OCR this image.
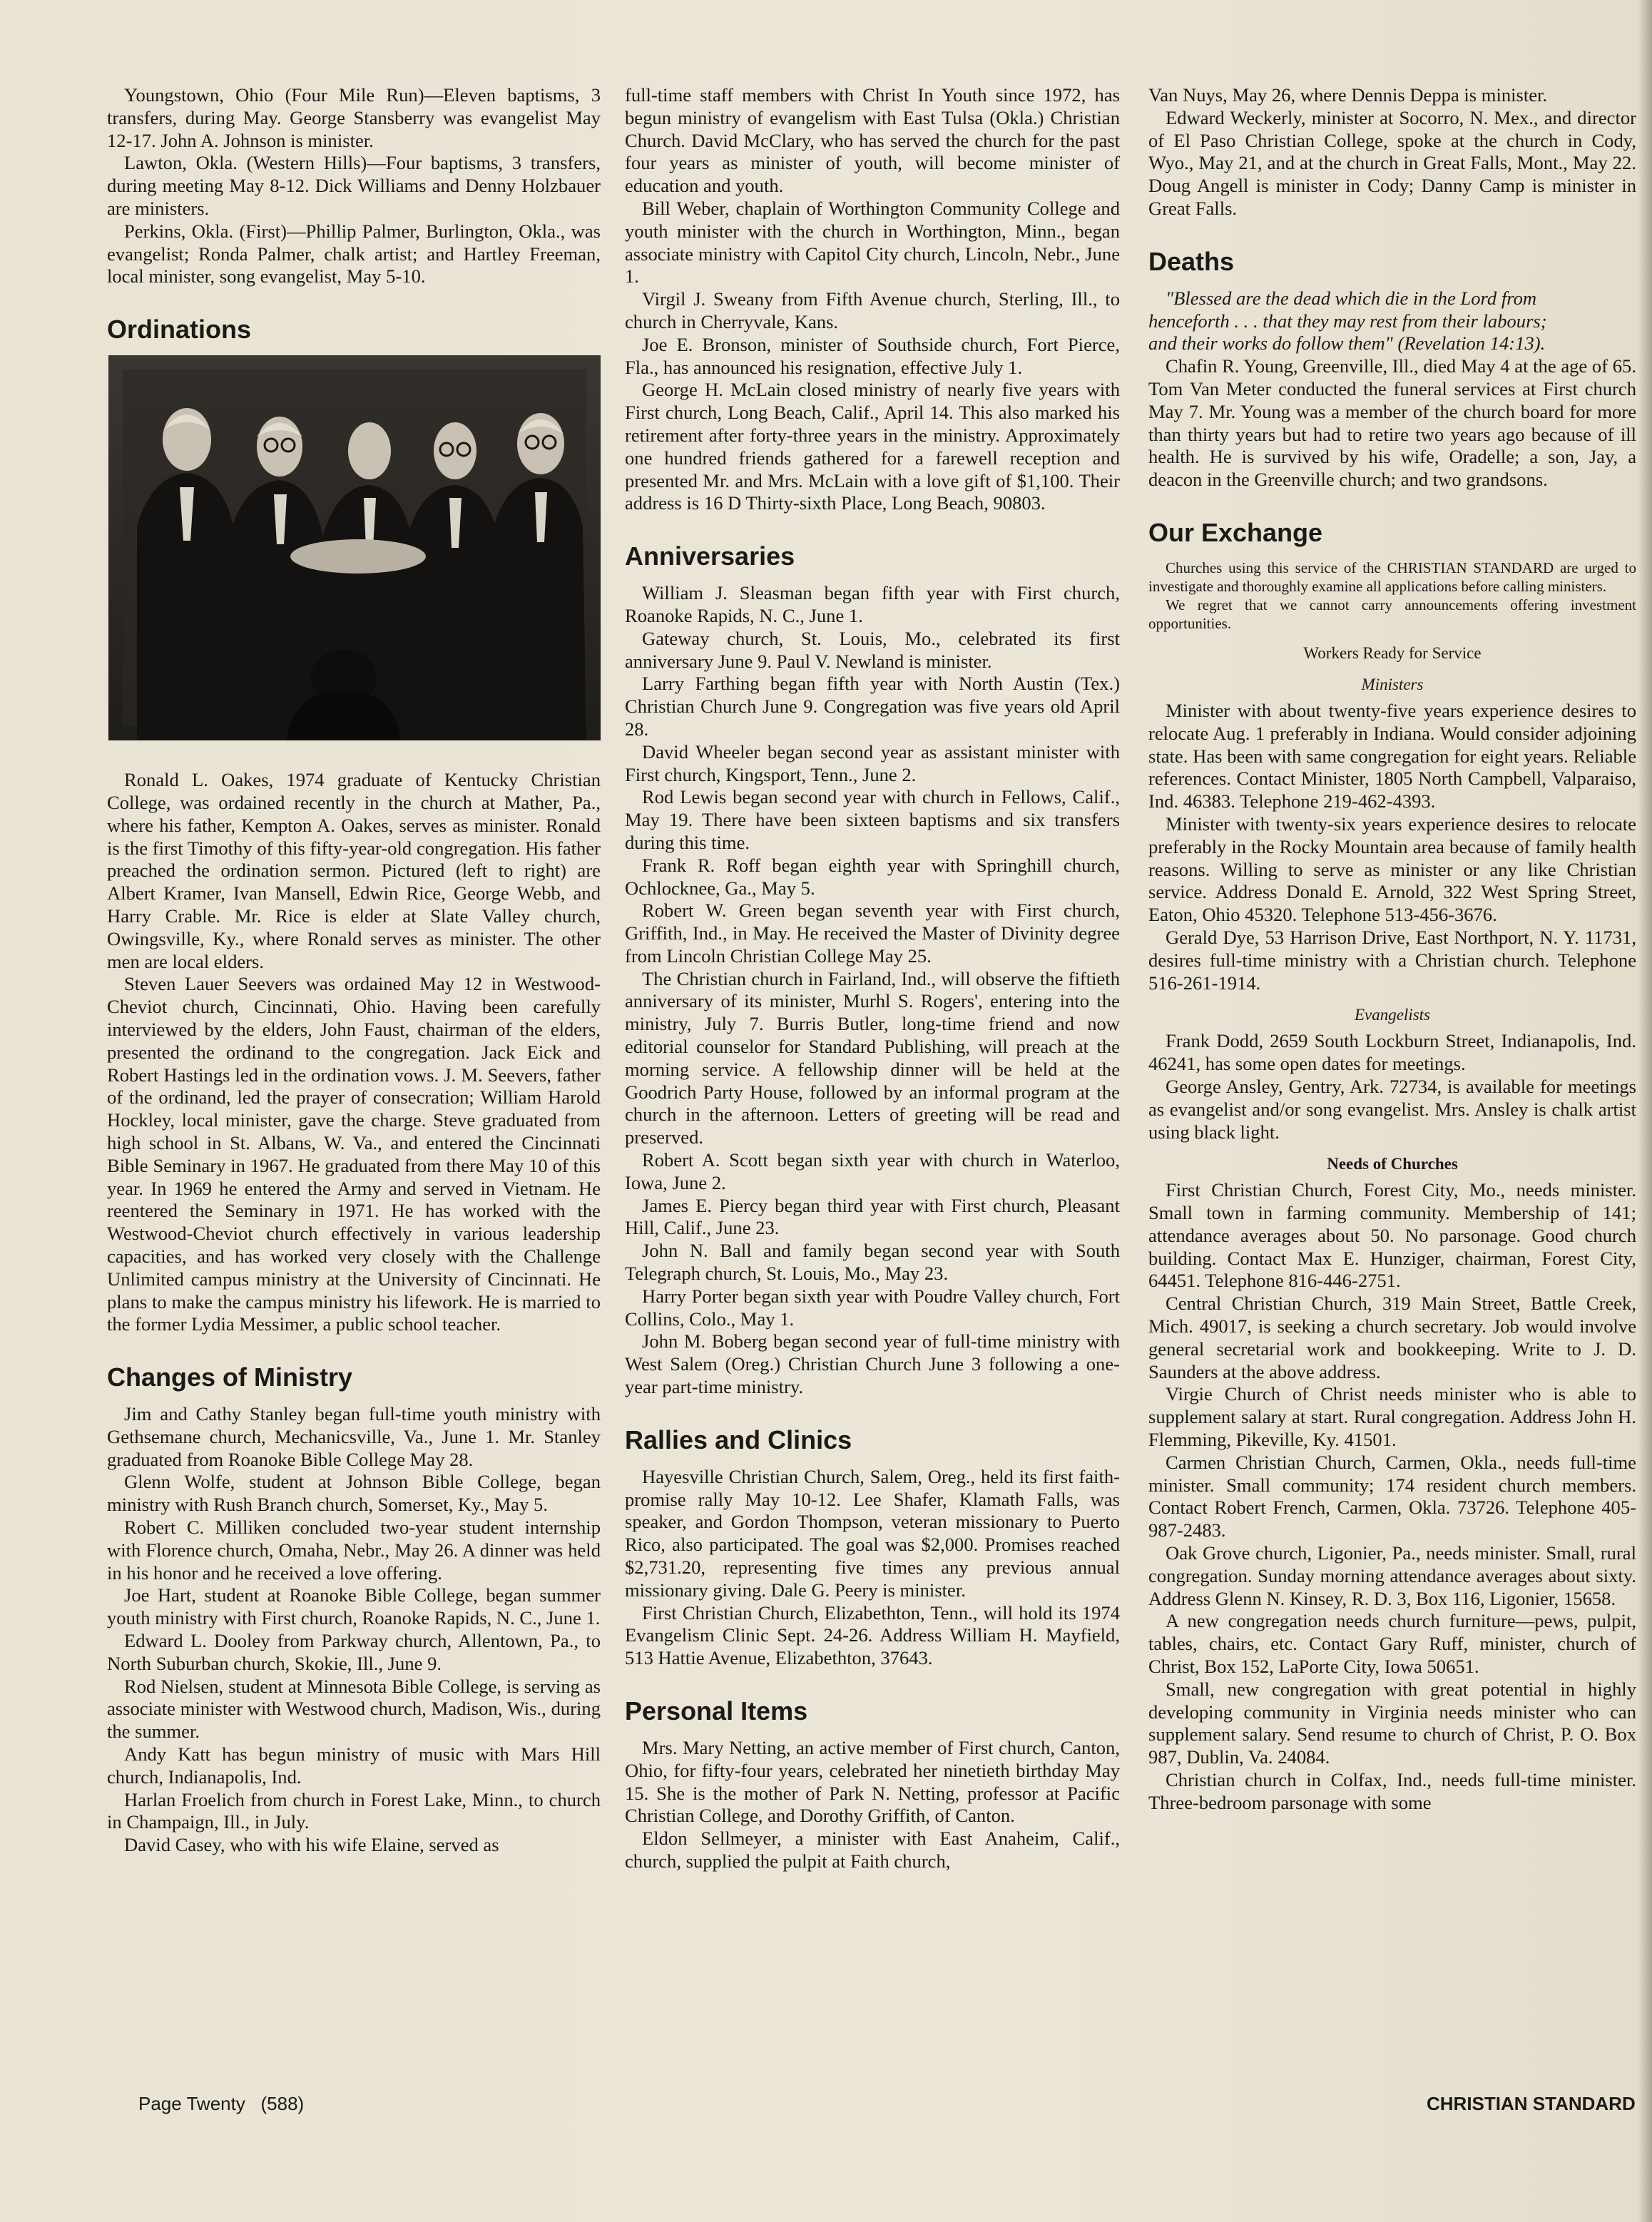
Youngstown, Ohio (Four Mile Run)—Eleven baptisms, 3 transfers, during May. George Stansberry was evangelist May 12-17. John A. Johnson is minister.

Lawton, Okla. (Western Hills)—Four baptisms, 3 transfers, during meeting May 8-12. Dick Williams and Denny Holzbauer are ministers.

Perkins, Okla. (First)—Phillip Palmer, Burlington, Okla., was evangelist; Ronda Palmer, chalk artist; and Hartley Freeman, local minister, song evangelist, May 5-10.

Ordinations

Ronald L. Oakes, 1974 graduate of Kentucky Christian College, was ordained recently in the church at Mather, Pa., where his father, Kempton A. Oakes, serves as minister. Ronald is the first Timothy of this fifty-year-old congregation. His father preached the ordination sermon. Pictured (left to right) are Albert Kramer, Ivan Mansell, Edwin Rice, George Webb, and Harry Crable. Mr. Rice is elder at Slate Valley church, Owingsville, Ky., where Ronald serves as minister. The other men are local elders.

Steven Lauer Seevers was ordained May 12 in Westwood-Cheviot church, Cincinnati, Ohio. Having been carefully interviewed by the elders, John Faust, chairman of the elders, presented the ordinand to the congregation. Jack Eick and Robert Hastings led in the ordination vows. J. M. Seevers, father of the ordinand, led the prayer of consecration; William Harold Hockley, local minister, gave the charge. Steve graduated from high school in St. Albans, W. Va., and entered the Cincinnati Bible Seminary in 1967. He graduated from there May 10 of this year. In 1969 he entered the Army and served in Vietnam. He reentered the Seminary in 1971. He has worked with the Westwood-Cheviot church effectively in various leadership capacities, and has worked very closely with the Challenge Unlimited campus ministry at the University of Cincinnati. He plans to make the campus ministry his lifework. He is married to the former Lydia Messimer, a public school teacher.

Changes of Ministry

Jim and Cathy Stanley began full-time youth ministry with Gethsemane church, Mechanicsville, Va., June 1. Mr. Stanley graduated from Roanoke Bible College May 28.

Glenn Wolfe, student at Johnson Bible College, began ministry with Rush Branch church, Somerset, Ky., May 5.

Robert C. Milliken concluded two-year student internship with Florence church, Omaha, Nebr., May 26. A dinner was held in his honor and he received a love offering.

Joe Hart, student at Roanoke Bible College, began summer youth ministry with First church, Roanoke Rapids, N. C., June 1.

Edward L. Dooley from Parkway church, Allentown, Pa., to North Suburban church, Skokie, Ill., June 9.

Rod Nielsen, student at Minnesota Bible College, is serving as associate minister with Westwood church, Madison, Wis., during the summer.

Andy Katt has begun ministry of music with Mars Hill church, Indianapolis, Ind.

Harlan Froelich from church in Forest Lake, Minn., to church in Champaign, Ill., in July.

David Casey, who with his wife Elaine, served as

full-time staff members with Christ In Youth since 1972, has begun ministry of evangelism with East Tulsa (Okla.) Christian Church. David McClary, who has served the church for the past four years as minister of youth, will become minister of education and youth.

Bill Weber, chaplain of Worthington Community College and youth minister with the church in Worthington, Minn., began associate ministry with Capitol City church, Lincoln, Nebr., June 1.

Virgil J. Sweany from Fifth Avenue church, Sterling, Ill., to church in Cherryvale, Kans.

Joe E. Bronson, minister of Southside church, Fort Pierce, Fla., has announced his resignation, effective July 1.

George H. McLain closed ministry of nearly five years with First church, Long Beach, Calif., April 14. This also marked his retirement after forty-three years in the ministry. Approximately one hundred friends gathered for a farewell reception and presented Mr. and Mrs. McLain with a love gift of $1,100. Their address is 16 D Thirty-sixth Place, Long Beach, 90803.

Anniversaries

William J. Sleasman began fifth year with First church, Roanoke Rapids, N. C., June 1.

Gateway church, St. Louis, Mo., celebrated its first anniversary June 9. Paul V. Newland is minister.

Larry Farthing began fifth year with North Austin (Tex.) Christian Church June 9. Congregation was five years old April 28.

David Wheeler began second year as assistant minister with First church, Kingsport, Tenn., June 2.

Rod Lewis began second year with church in Fellows, Calif., May 19. There have been sixteen baptisms and six transfers during this time.

Frank R. Roff began eighth year with Springhill church, Ochlocknee, Ga., May 5.

Robert W. Green began seventh year with First church, Griffith, Ind., in May. He received the Master of Divinity degree from Lincoln Christian College May 25.

The Christian church in Fairland, Ind., will observe the fiftieth anniversary of its minister, Murhl S. Rogers', entering into the ministry, July 7. Burris Butler, long-time friend and now editorial counselor for Standard Publishing, will preach at the morning service. A fellowship dinner will be held at the Goodrich Party House, followed by an informal program at the church in the afternoon. Letters of greeting will be read and preserved.

Robert A. Scott began sixth year with church in Waterloo, Iowa, June 2.

James E. Piercy began third year with First church, Pleasant Hill, Calif., June 23.

John N. Ball and family began second year with South Telegraph church, St. Louis, Mo., May 23.

Harry Porter began sixth year with Poudre Valley church, Fort Collins, Colo., May 1.

John M. Boberg began second year of full-time ministry with West Salem (Oreg.) Christian Church June 3 following a one-year part-time ministry.

Rallies and Clinics

Hayesville Christian Church, Salem, Oreg., held its first faith-promise rally May 10-12. Lee Shafer, Klamath Falls, was speaker, and Gordon Thompson, veteran missionary to Puerto Rico, also participated. The goal was $2,000. Promises reached $2,731.20, representing five times any previous annual missionary giving. Dale G. Peery is minister.

First Christian Church, Elizabethton, Tenn., will hold its 1974 Evangelism Clinic Sept. 24-26. Address William H. Mayfield, 513 Hattie Avenue, Elizabethton, 37643.

Personal Items

Mrs. Mary Netting, an active member of First church, Canton, Ohio, for fifty-four years, celebrated her ninetieth birthday May 15. She is the mother of Park N. Netting, professor at Pacific Christian College, and Dorothy Griffith, of Canton.

Eldon Sellmeyer, a minister with East Anaheim, Calif., church, supplied the pulpit at Faith church,

Van Nuys, May 26, where Dennis Deppa is minister.

Edward Weckerly, minister at Socorro, N. Mex., and director of El Paso Christian College, spoke at the church in Cody, Wyo., May 21, and at the church in Great Falls, Mont., May 22. Doug Angell is minister in Cody; Danny Camp is minister in Great Falls.

Deaths

"Blessed are the dead which die in the Lord from henceforth . . . that they may rest from their labours; and their works do follow them" (Revelation 14:13).

Chafin R. Young, Greenville, Ill., died May 4 at the age of 65. Tom Van Meter conducted the funeral services at First church May 7. Mr. Young was a member of the church board for more than thirty years but had to retire two years ago because of ill health. He is survived by his wife, Oradelle; a son, Jay, a deacon in the Greenville church; and two grandsons.

Our Exchange

Churches using this service of the CHRISTIAN STANDARD are urged to investigate and thoroughly examine all applications before calling ministers.

We regret that we cannot carry announcements offering investment opportunities.

Workers Ready for Service
Ministers

Minister with about twenty-five years experience desires to relocate Aug. 1 preferably in Indiana. Would consider adjoining state. Has been with same congregation for eight years. Reliable references. Contact Minister, 1805 North Campbell, Valparaiso, Ind. 46383. Telephone 219-462-4393.

Minister with twenty-six years experience desires to relocate preferably in the Rocky Mountain area because of family health reasons. Willing to serve as minister or any like Christian service. Address Donald E. Arnold, 322 West Spring Street, Eaton, Ohio 45320. Telephone 513-456-3676.

Gerald Dye, 53 Harrison Drive, East Northport, N. Y. 11731, desires full-time ministry with a Christian church. Telephone 516-261-1914.

Evangelists

Frank Dodd, 2659 South Lockburn Street, Indianapolis, Ind. 46241, has some open dates for meetings.

George Ansley, Gentry, Ark. 72734, is available for meetings as evangelist and/or song evangelist. Mrs. Ansley is chalk artist using black light.

Needs of Churches

First Christian Church, Forest City, Mo., needs minister. Small town in farming community. Membership of 141; attendance averages about 50. No parsonage. Good church building. Contact Max E. Hunziger, chairman, Forest City, 64451. Telephone 816-446-2751.

Central Christian Church, 319 Main Street, Battle Creek, Mich. 49017, is seeking a church secretary. Job would involve general secretarial work and bookkeeping. Write to J. D. Saunders at the above address.

Virgie Church of Christ needs minister who is able to supplement salary at start. Rural congregation. Address John H. Flemming, Pikeville, Ky. 41501.

Carmen Christian Church, Carmen, Okla., needs full-time minister. Small community; 174 resident church members. Contact Robert French, Carmen, Okla. 73726. Telephone 405-987-2483.

Oak Grove church, Ligonier, Pa., needs minister. Small, rural congregation. Sunday morning attendance averages about sixty. Address Glenn N. Kinsey, R. D. 3, Box 116, Ligonier, 15658.

A new congregation needs church furniture—pews, pulpit, tables, chairs, etc. Contact Gary Ruff, minister, church of Christ, Box 152, LaPorte City, Iowa 50651.

Small, new congregation with great potential in highly developing community in Virginia needs minister who can supplement salary. Send resume to church of Christ, P. O. Box 987, Dublin, Va. 24084.

Christian church in Colfax, Ind., needs full-time minister. Three-bedroom parsonage with some

Page Twenty   (588)	CHRISTIAN STANDARD
